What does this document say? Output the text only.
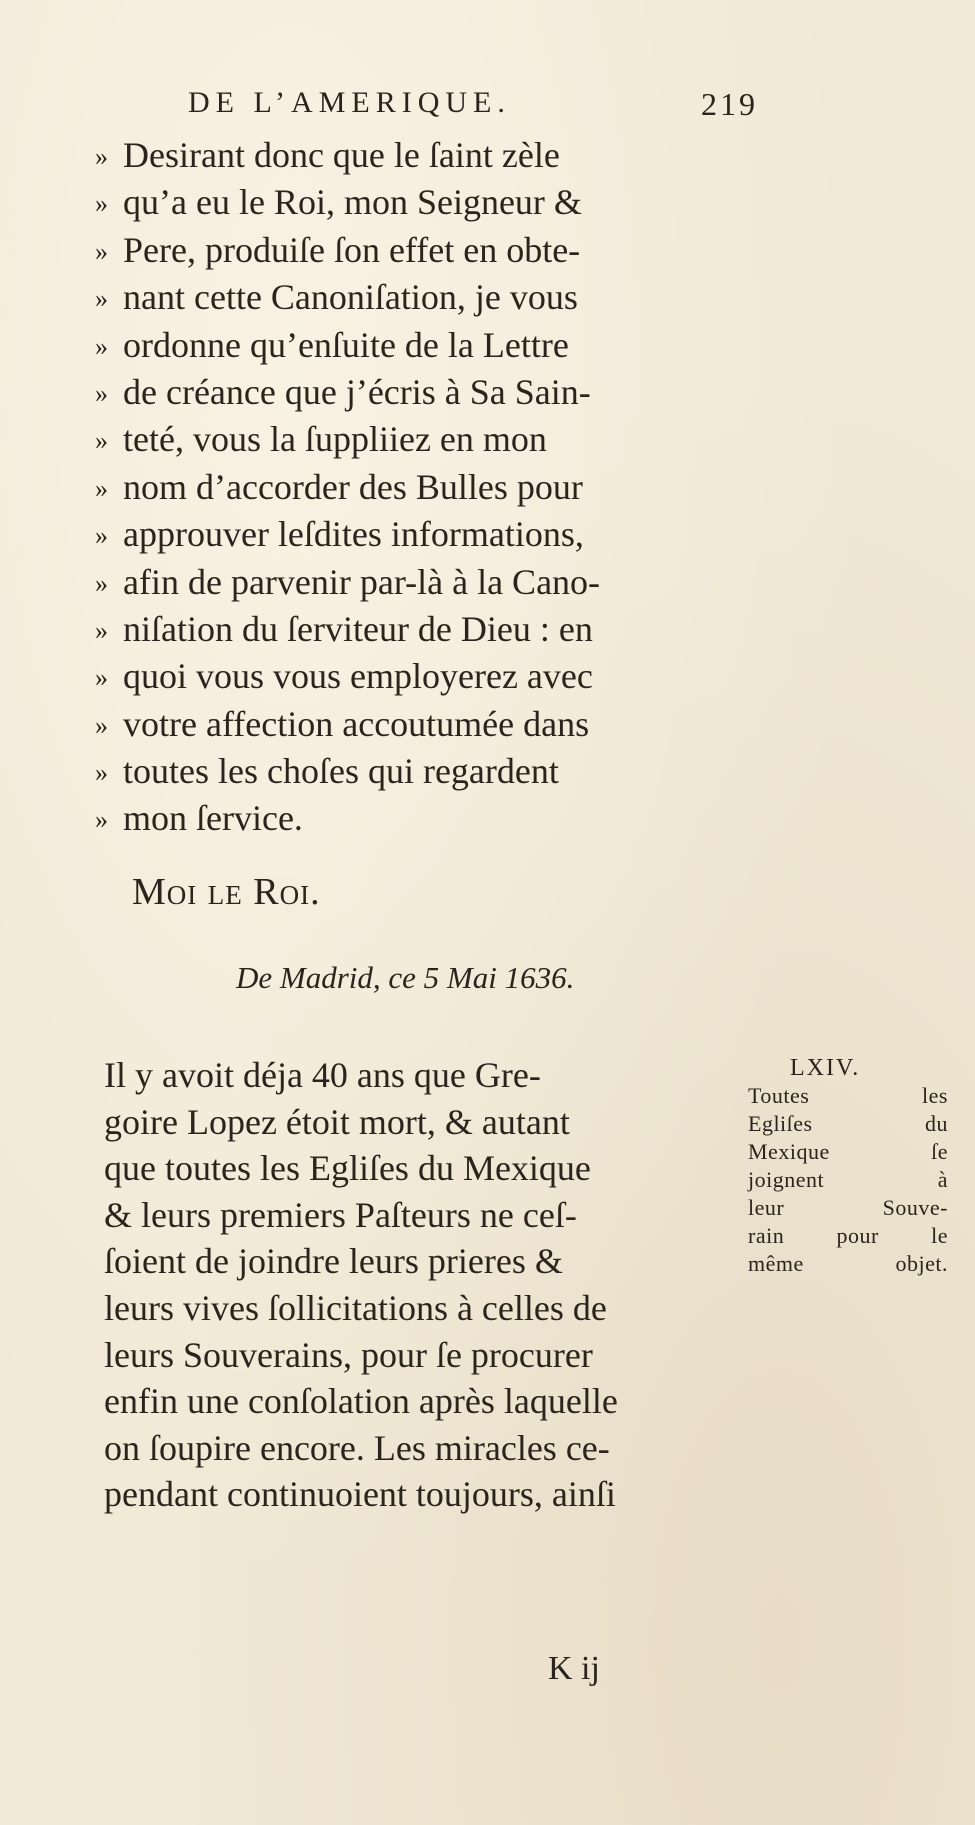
DE L’AMERIQUE.	219
» Desirant donc que le ſaint zèle
» qu’a eu le Roi, mon Seigneur &
» Pere, produiſe ſon effet en obte-
» nant cette Canoniſation, je vous
» ordonne qu’enſuite de la Lettre
» de créance que j’écris à Sa Sain-
» teté, vous la ſuppliiez en mon
» nom d’accorder des Bulles pour
» approuver leſdites informations,
» afin de parvenir par-là à la Cano-
» niſation du ſerviteur de Dieu : en
» quoi vous vous employerez avec
» votre affection accoutumée dans
» toutes les choſes qui regardent
» mon ſervice.
Moi le Roi.
De Madrid, ce 5 Mai 1636.
Il y avoit déja 40 ans que Gre-
goire Lopez étoit mort, & autant
que toutes les Egliſes du Mexique
& leurs premiers Paſteurs ne ceſ-
ſoient de joindre leurs prieres &
leurs vives ſollicitations à celles de
leurs Souverains, pour ſe procurer
enfin une conſolation après laquelle
on ſoupire encore. Les miracles ce-
pendant continuoient toujours, ainſi
LXIV.
Toutes les
Egliſes du
Mexique ſe
joignent à
leur Souve-
rain pour le
même objet.
K ij
